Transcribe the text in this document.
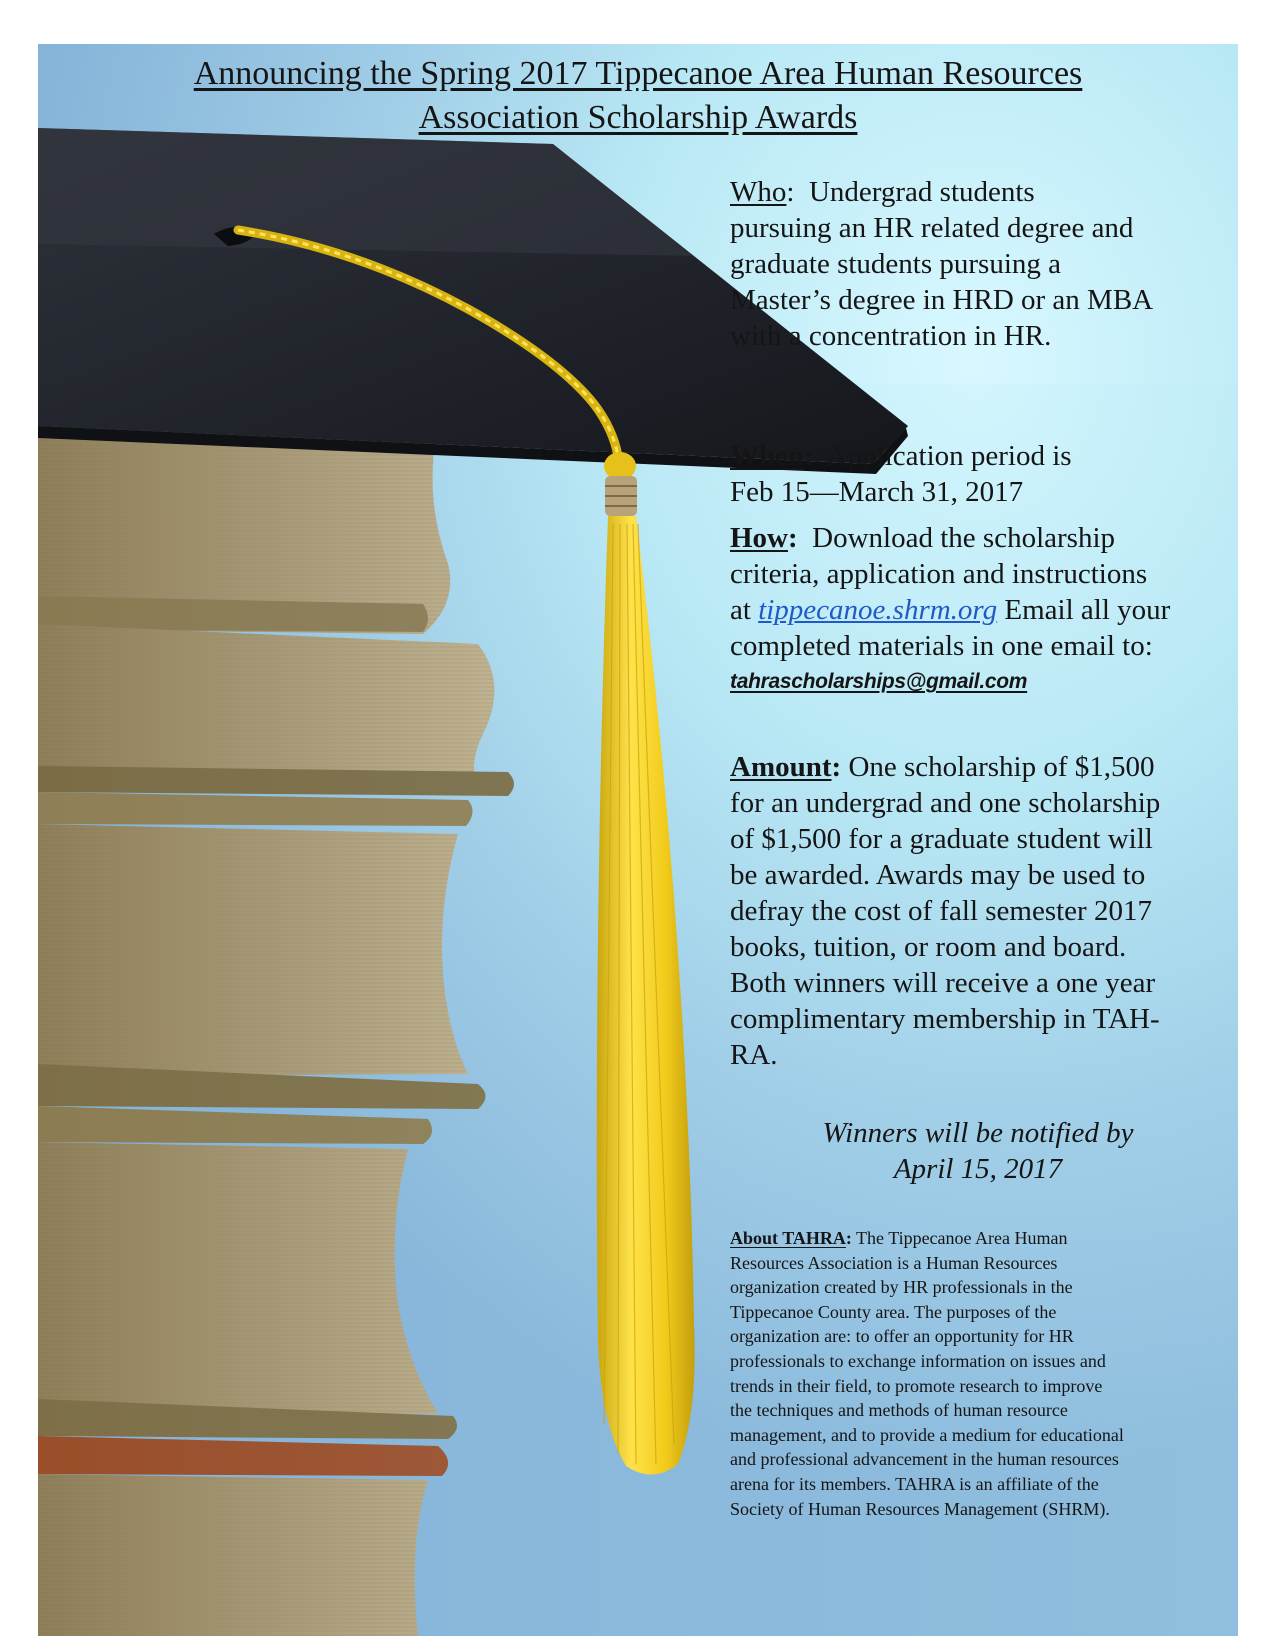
Announcing the Spring 2017 Tippecanoe Area Human Resources
Association Scholarship Awards
Who:  Undergrad students
pursuing an HR related degree and
graduate students pursuing a
Master’s degree in HRD or an MBA
with a concentration in HR.
When: Application period is
Feb 15—March 31, 2017
How: Download the scholarship
criteria, application and instructions
at tippecanoe.shrm.org Email all your
completed materials in one email to:
tahrascholarships@gmail.com
Amount: One scholarship of $1,500
for an undergrad and one scholarship
of $1,500 for a graduate student will
be awarded. Awards may be used to
defray the cost of fall semester 2017
books, tuition, or room and board.
Both winners will receive a one year
complimentary membership in TAH-
RA.
Winners will be notified by
April 15, 2017
About TAHRA: The Tippecanoe Area Human
Resources Association is a Human Resources
organization created by HR professionals in the
Tippecanoe County area. The purposes of the
organization are: to offer an opportunity for HR
professionals to exchange information on issues and
trends in their field, to promote research to improve
the techniques and methods of human resource
management, and to provide a medium for educational
and professional advancement in the human resources
arena for its members. TAHRA is an affiliate of the
Society of Human Resources Management (SHRM).
